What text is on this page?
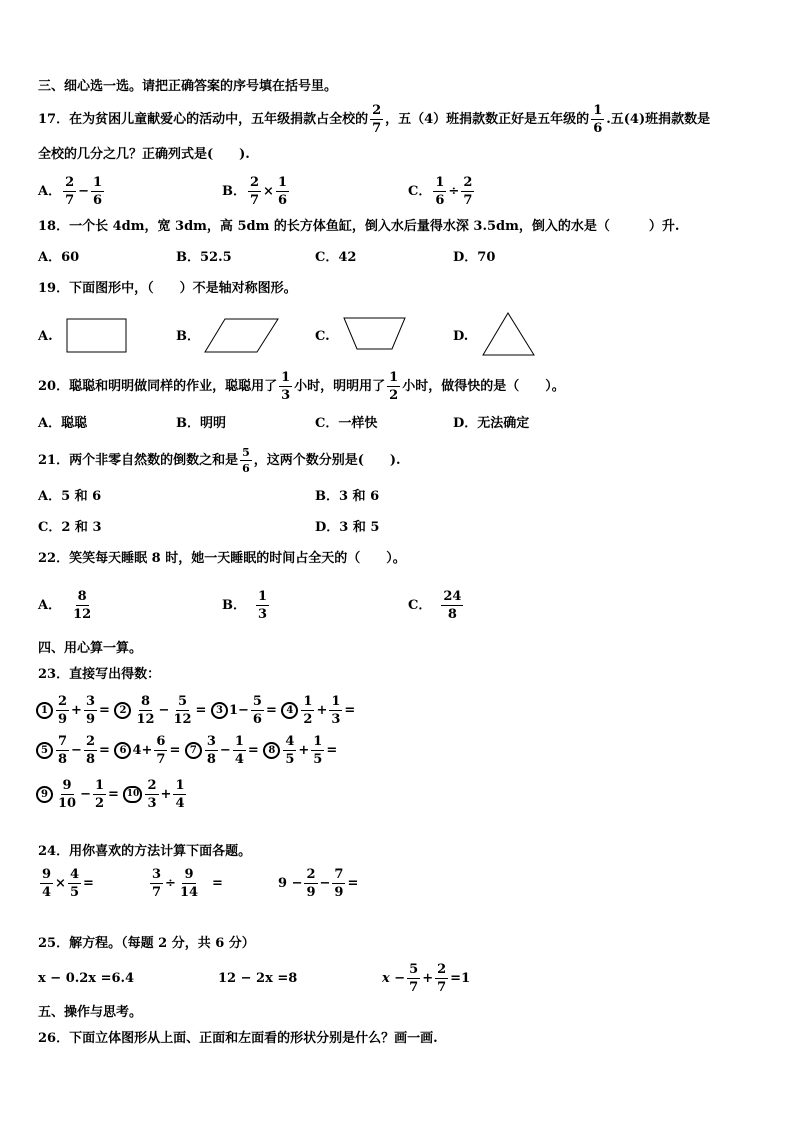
三、细心选一选。请把正确答案的序号填在括号里。
17．在为贫困儿童献爱心的活动中，五年级捐款占全校的 $\frac{2}{7}$ ，五（4）班捐款数正好是五年级的 $\frac{1}{6}$ .五(4)班捐款数是
全校的几分之几？正确列式是(　　).
A． $\frac{2}{7} - \frac{1}{6}$	B． $\frac{2}{7} \times \frac{1}{6}$	C． $\frac{1}{6} \div \frac{2}{7}$
18．一个长 4dm，宽 3dm，高 5dm 的长方体鱼缸，倒入水后量得水深 3.5dm，倒入的水是（　　　）升.
A．60	B．52.5	C．42	D．70
19．下面图形中，（　　）不是轴对称图形。
A.	B．	C.	D.
20．聪聪和明明做同样的作业，聪聪用了 $\frac{1}{3}$ 小时，明明用了 $\frac{1}{2}$ 小时，做得快的是（　　）。
A．聪聪	B．明明	C．一样快	D．无法确定
21．两个非零自然数的倒数之和是 $\frac{5}{6}$ ，这两个数分别是(　　).
A．5 和 6	B．3 和 6
C．2 和 3	D．3 和 5
22．笑笑每天睡眠 8 时，她一天睡眠的时间占全天的（　　）。
A． $\frac{8}{12}$	B． $\frac{1}{3}$	C． $\frac{24}{8}$
四、用心算一算。
23．直接写出得数：
$1 \frac{2}{9} + \frac{3}{9} = 2 \frac{8}{12} - \frac{5}{12} = 3$ $1- \frac{5}{6} = 4 \frac{1}{2} + \frac{1}{3}$ =
$5 \frac{7}{8} - \frac{2}{8} = 6$ $4+ \frac{6}{7} = 7 \frac{3}{8} - \frac{1}{4} = 8 \frac{4}{5} + \frac{1}{5}$ =
$9 \frac{9}{10} - \frac{1}{2} = 10 \frac{2}{3} + \frac{1}{4}$
24．用你喜欢的方法计算下面各题。
$\frac{9}{4} \times \frac{4}{5}$ =	$\frac{3}{7} \div \frac{9}{14}$ =	$9 - \frac{2}{9} - \frac{7}{9}$ =
25．解方程。（每题 2 分，共 6 分）
x − 0.2x =6.4	12 − 2x =8	$x - \frac{5}{7} + \frac{2}{7} =1$
五、操作与思考。
26．下面立体图形从上面、正面和左面看的形状分别是什么？画一画.
